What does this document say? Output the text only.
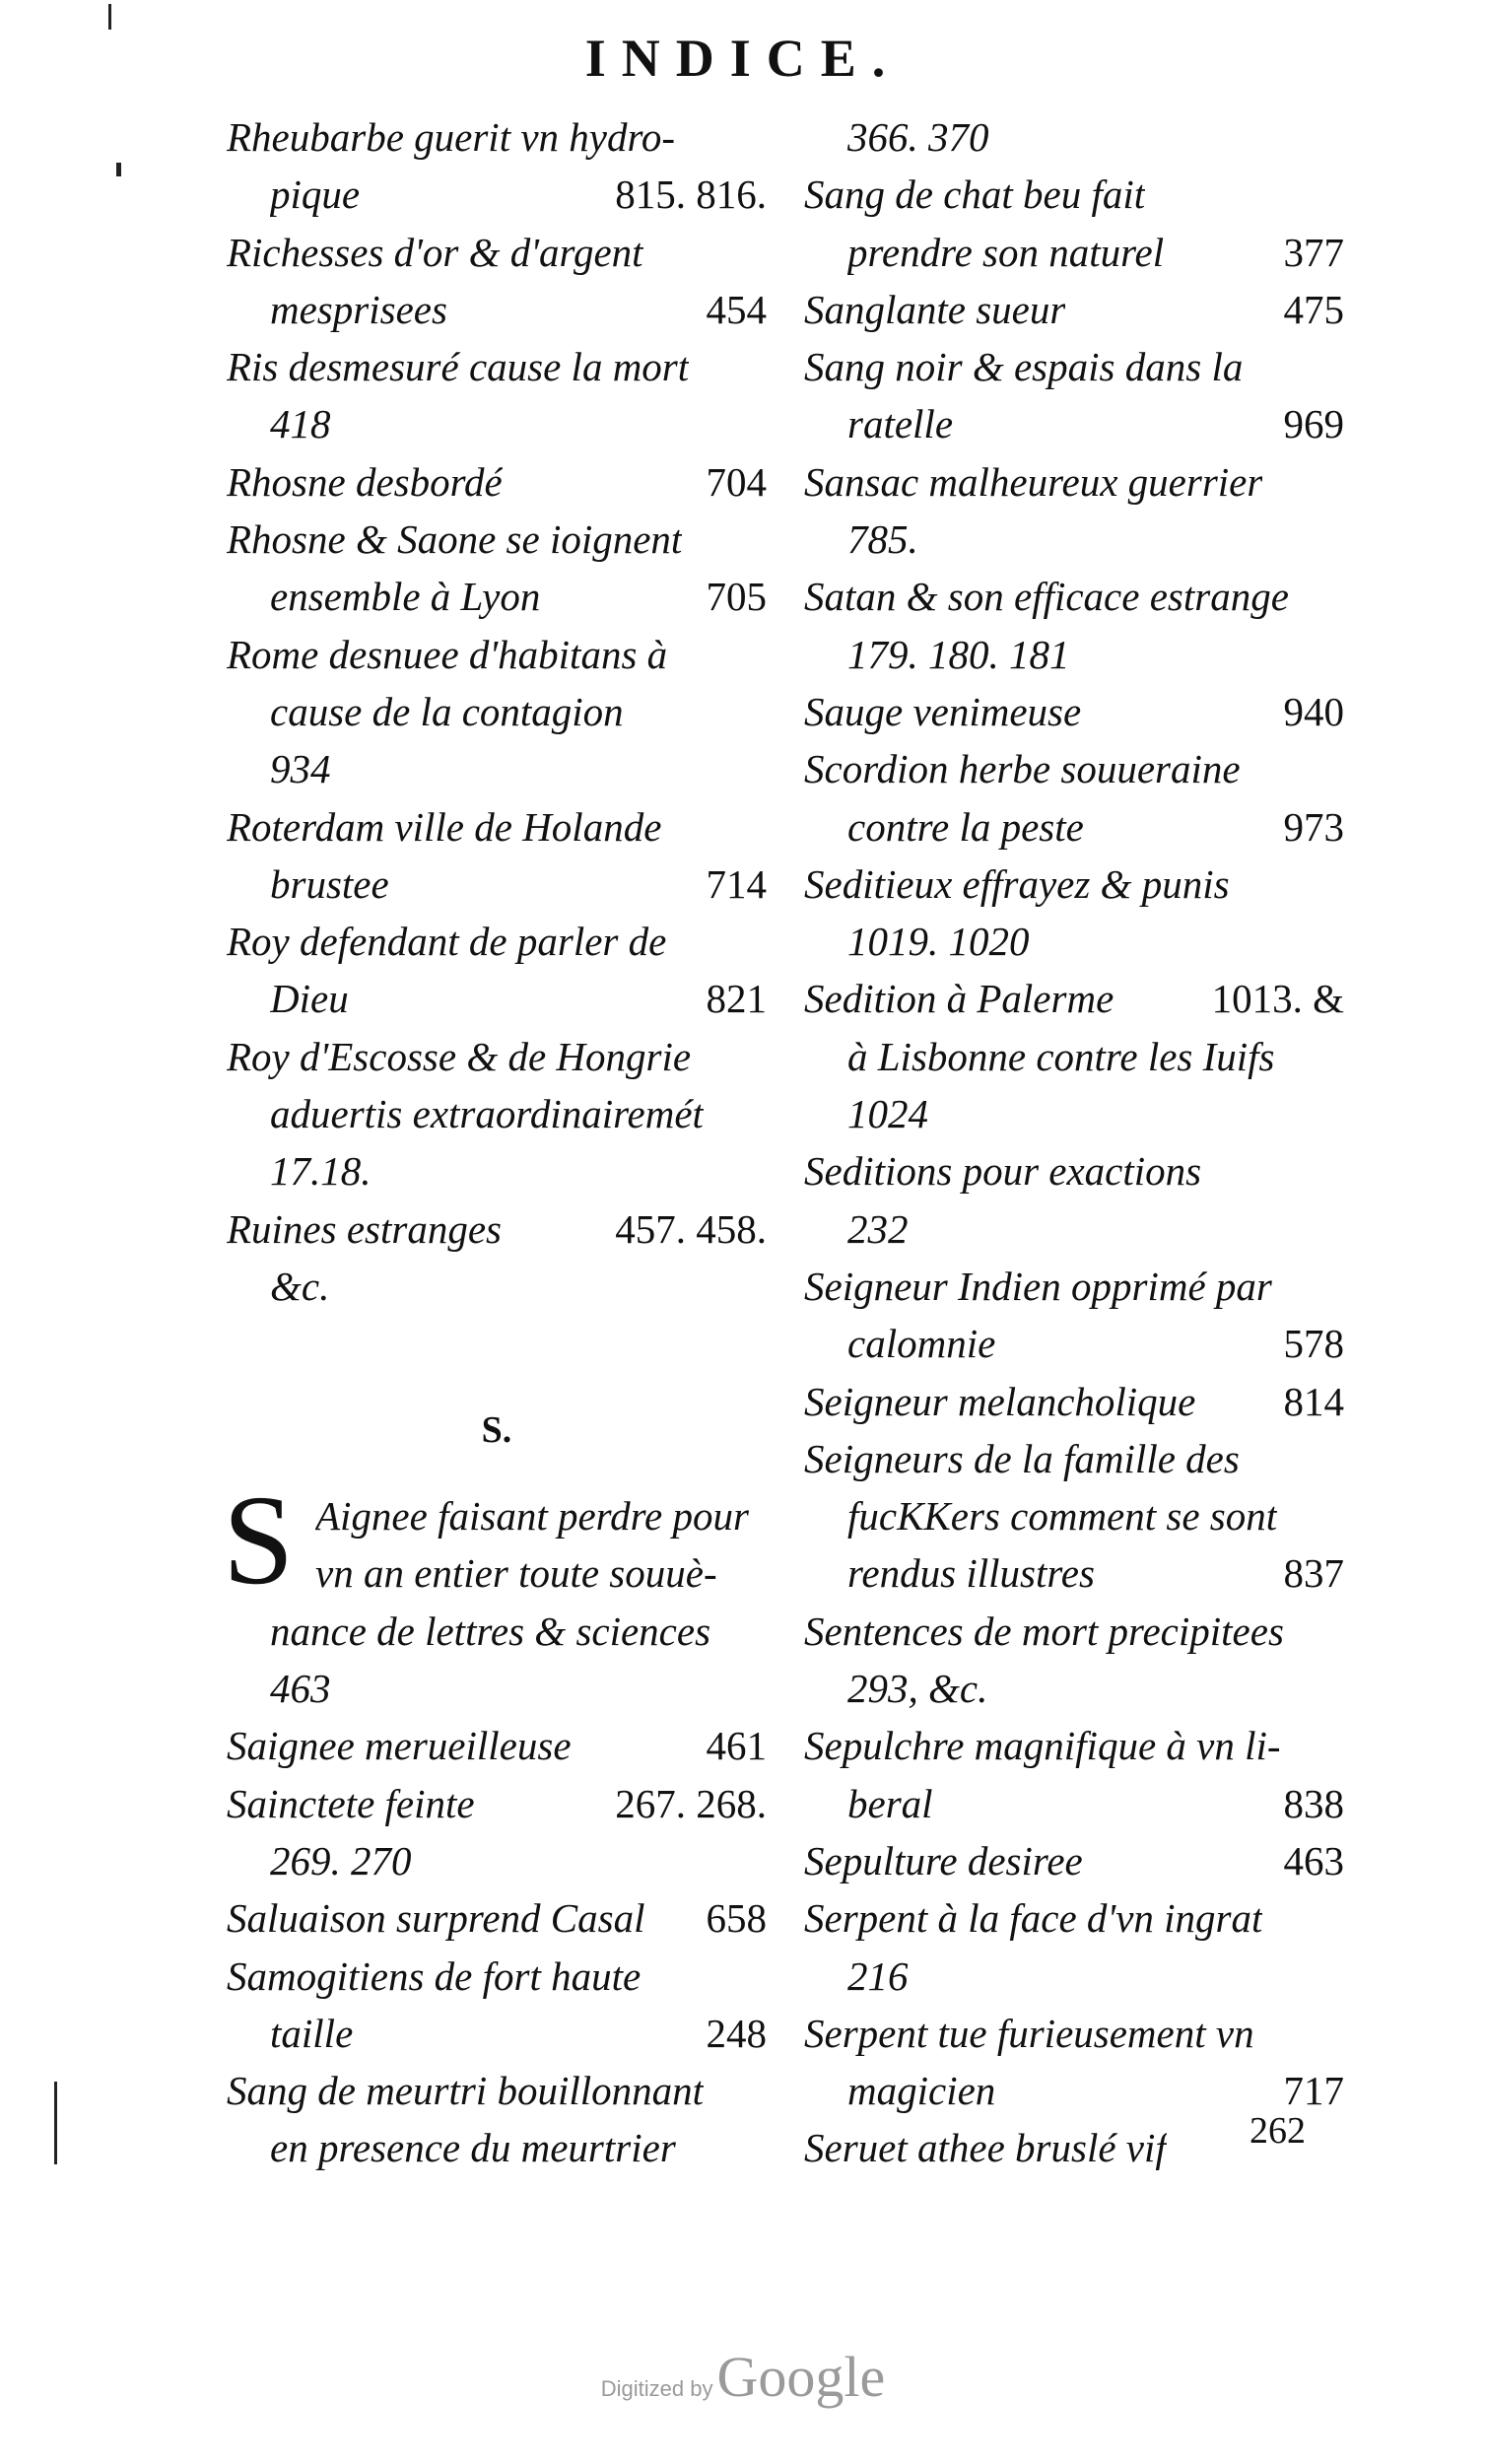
INDICE.
Rheubarbe guerit vn hydro-
pique	815. 816.
Richesses d'or & d'argent
mesprisees	454
Ris desmesuré cause la mort
418
Rhosne desbordé	704
Rhosne & Saone se ioignent
ensemble à Lyon	705
Rome desnuee d'habitans à
cause de la contagion
934
Roterdam ville de Holande
brustee	714
Roy defendant de parler de
Dieu	821
Roy d'Escosse & de Hongrie
aduertis extraordinairemét
17.18.
Ruines estranges	457. 458.
&c.
S.
S Aignee faisant perdre pour
vn an entier toute souuè-
nance de lettres & sciences
463
Saignee merueilleuse	461
Sainctete feinte	267. 268.
269. 270
Saluaison surprend Casal 658
Samogitiens de fort haute
taille	248
Sang de meurtri bouillonnant
en presence du meurtrier
366. 370
Sang de chat beu fait
prendre son naturel	377
Sanglante sueur	475
Sang noir & espais dans la
ratelle	969
Sansac malheureux guerrier
785.
Satan & son efficace estrange
179. 180. 181
Sauge venimeuse	940
Scordion herbe souueraine
contre la peste	973
Seditieux effrayez & punis
1019. 1020
Sedition à Palerme 1013. &
à Lisbonne contre les Iuifs
1024
Seditions pour exactions
232
Seigneur Indien opprimé par
calomnie	578
Seigneur melancholique 814
Seigneurs de la famille des
fucKKers comment se sont
rendus illustres	837
Sentences de mort precipitees
293, &c.
Sepulchre magnifique à vn li-
beral	838
Sepulture desiree	463
Serpent à la face d'vn ingrat
216
Serpent tue furieusement vn
magicien	717
Seruet athee bruslé vif 262
Digitized by Google
